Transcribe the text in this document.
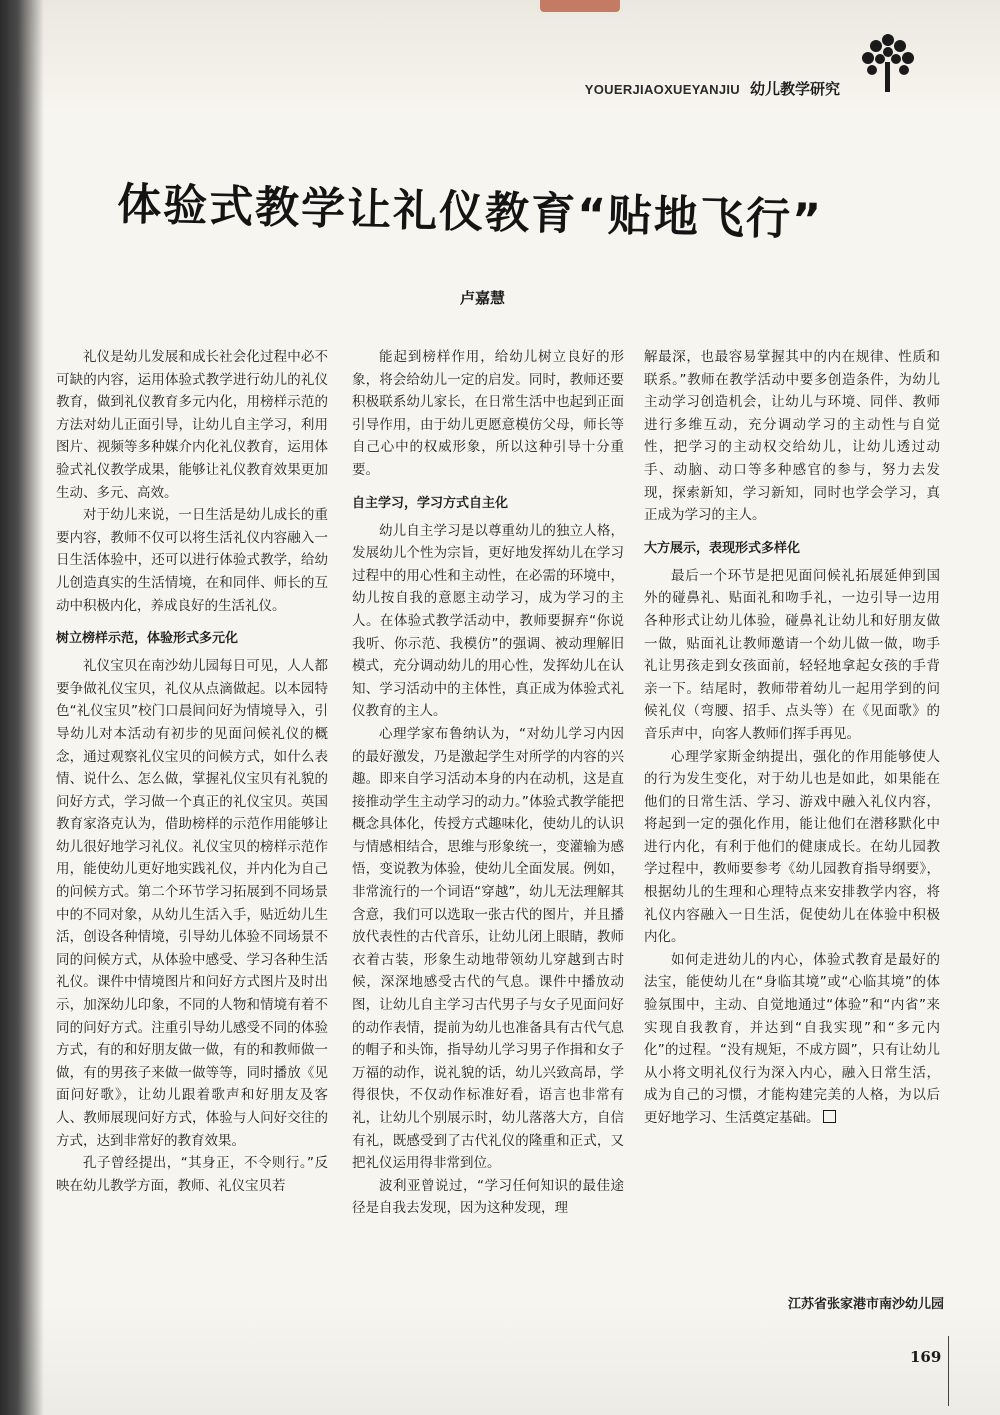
YOUERJIAOXUEYANJIU 幼儿教学研究
体验式教学让礼仪教育“贴地飞行”
卢嘉慧

礼仪是幼儿发展和成长社会化过程中必不可缺的内容，运用体验式教学进行幼儿的礼仪教育，做到礼仪教育多元内化，用榜样示范的方法对幼儿正面引导，让幼儿自主学习，利用图片、视频等多种媒介内化礼仪教育，运用体验式礼仪教学成果，能够让礼仪教育效果更加生动、多元、高效。

对于幼儿来说，一日生活是幼儿成长的重要内容，教师不仅可以将生活礼仪内容融入一日生活体验中，还可以进行体验式教学，给幼儿创造真实的生活情境，在和同伴、师长的互动中积极内化，养成良好的生活礼仪。

树立榜样示范，体验形式多元化

礼仪宝贝在南沙幼儿园每日可见，人人都要争做礼仪宝贝，礼仪从点滴做起。以本园特色“礼仪宝贝”校门口晨间问好为情境导入，引导幼儿对本活动有初步的见面问候礼仪的概念，通过观察礼仪宝贝的问候方式，如什么表情、说什么、怎么做，掌握礼仪宝贝有礼貌的问好方式，学习做一个真正的礼仪宝贝。英国教育家洛克认为，借助榜样的示范作用能够让幼儿很好地学习礼仪。礼仪宝贝的榜样示范作用，能使幼儿更好地实践礼仪，并内化为自己的问候方式。第二个环节学习拓展到不同场景中的不同对象，从幼儿生活入手，贴近幼儿生活，创设各种情境，引导幼儿体验不同场景不同的问候方式，从体验中感受、学习各种生活礼仪。课件中情境图片和问好方式图片及时出示，加深幼儿印象，不同的人物和情境有着不同的问好方式。注重引导幼儿感受不同的体验方式，有的和好朋友做一做，有的和教师做一做，有的男孩子来做一做等等，同时播放《见面问好歌》，让幼儿跟着歌声和好朋友及客人、教师展现问好方式，体验与人问好交往的方式，达到非常好的教育效果。

孔子曾经提出，“其身正，不令则行。”反映在幼儿教学方面，教师、礼仪宝贝若

能起到榜样作用，给幼儿树立良好的形象，将会给幼儿一定的启发。同时，教师还要积极联系幼儿家长，在日常生活中也起到正面引导作用，由于幼儿更愿意模仿父母，师长等自己心中的权威形象，所以这种引导十分重要。

自主学习，学习方式自主化

幼儿自主学习是以尊重幼儿的独立人格，发展幼儿个性为宗旨，更好地发挥幼儿在学习过程中的用心性和主动性，在必需的环境中，幼儿按自我的意愿主动学习，成为学习的主人。在体验式教学活动中，教师要摒弃“你说我听、你示范、我模仿”的强调、被动理解旧模式，充分调动幼儿的用心性，发挥幼儿在认知、学习活动中的主体性，真正成为体验式礼仪教育的主人。

心理学家布鲁纳认为，“对幼儿学习内因的最好激发，乃是激起学生对所学的内容的兴趣。即来自学习活动本身的内在动机，这是直接推动学生主动学习的动力。”体验式教学能把概念具体化，传授方式趣味化，使幼儿的认识与情感相结合，思维与形象统一，变灌输为感悟，变说教为体验，使幼儿全面发展。例如，非常流行的一个词语“穿越”，幼儿无法理解其含意，我们可以选取一张古代的图片，并且播放代表性的古代音乐，让幼儿闭上眼睛，教师衣着古装，形象生动地带领幼儿穿越到古时候，深深地感受古代的气息。课件中播放动图，让幼儿自主学习古代男子与女子见面问好的动作表情，提前为幼儿也准备具有古代气息的帽子和头饰，指导幼儿学习男子作揖和女子万福的动作，说礼貌的话，幼儿兴致高昂，学得很快，不仅动作标准好看，语言也非常有礼，让幼儿个别展示时，幼儿落落大方，自信有礼，既感受到了古代礼仪的隆重和正式，又把礼仪运用得非常到位。

波利亚曾说过，“学习任何知识的最佳途径是自我去发现，因为这种发现，理

解最深，也最容易掌握其中的内在规律、性质和联系。”教师在教学活动中要多创造条件，为幼儿主动学习创造机会，让幼儿与环境、同伴、教师进行多维互动，充分调动学习的主动性与自觉性，把学习的主动权交给幼儿，让幼儿透过动手、动脑、动口等多种感官的参与，努力去发现，探索新知，学习新知，同时也学会学习，真正成为学习的主人。

大方展示，表现形式多样化

最后一个环节是把见面问候礼拓展延伸到国外的碰鼻礼、贴面礼和吻手礼，一边引导一边用各种形式让幼儿体验，碰鼻礼让幼儿和好朋友做一做，贴面礼让教师邀请一个幼儿做一做，吻手礼让男孩走到女孩面前，轻轻地拿起女孩的手背亲一下。结尾时，教师带着幼儿一起用学到的问候礼仪（弯腰、招手、点头等）在《见面歌》的音乐声中，向客人教师们挥手再见。

心理学家斯金纳提出，强化的作用能够使人的行为发生变化，对于幼儿也是如此，如果能在他们的日常生活、学习、游戏中融入礼仪内容，将起到一定的强化作用，能让他们在潜移默化中进行内化，有利于他们的健康成长。在幼儿园教学过程中，教师要参考《幼儿园教育指导纲要》，根据幼儿的生理和心理特点来安排教学内容，将礼仪内容融入一日生活，促使幼儿在体验中积极内化。

如何走进幼儿的内心，体验式教育是最好的法宝，能使幼儿在“身临其境”或“心临其境”的体验氛围中，主动、自觉地通过“体验”和“内省”来实现自我教育，并达到“自我实现”和“多元内化”的过程。“没有规矩，不成方圆”，只有让幼儿从小将文明礼仪行为深入内心，融入日常生活，成为自己的习惯，才能构建完美的人格，为以后更好地学习、生活奠定基础。

江苏省张家港市南沙幼儿园
169
